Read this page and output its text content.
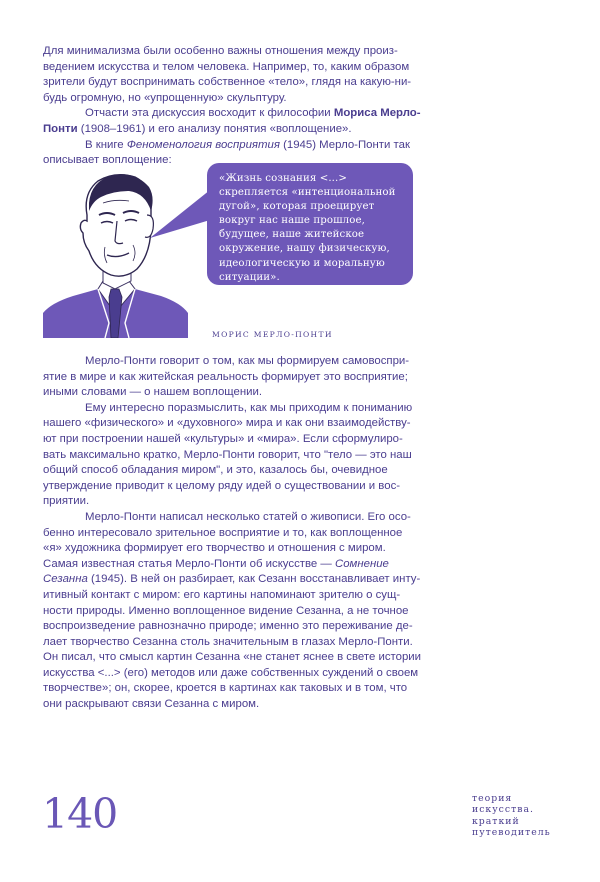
Для минимализма были особенно важны отношения между произ-
ведением искусства и телом человека. Например, то, каким образом
зрители будут воспринимать собственное «тело», глядя на какую-ни-
будь огромную, но «упрощенную» скульптуру.

Отчасти эта дискуссия восходит к философии Мориса Мерло-Понти (1908–1961) и его анализу понятия «воплощение».

В книге Феноменология восприятия (1945) Мерло-Понти так

описывает воплощение:

«Жизнь сознания <...>
скрепляется «интенциональной
дугой», которая проецирует
вокруг нас наше прошлое,
будущее, наше житейское
окружение, нашу физическую,
идеологическую и моральную
ситуации».
МОРИС МЕРЛО-ПОНТИ

Мерло-Понти говорит о том, как мы формируем самовоспри-
ятие в мире и как житейская реальность формирует это восприятие;
иными словами — о нашем воплощении.

Ему интересно поразмыслить, как мы приходим к пониманию
нашего «физического» и «духовного» мира и как они взаимодейству-
ют при построении нашей «культуры» и «мира». Если сформулиро-
вать максимально кратко, Мерло-Понти говорит, что "тело — это наш
общий способ обладания миром", и это, казалось бы, очевидное
утверждение приводит к целому ряду идей о существовании и вос-
приятии.

Мерло-Понти написал несколько статей о живописи. Его осо-
бенно интересовало зрительное восприятие и то, как воплощенное
«я» художника формирует его творчество и отношения с миром.

Самая известная статья Мерло-Понти об искусстве — Сомнение
Сезанна (1945). В ней он разбирает, как Сезанн восстанавливает инту-
итивный контакт с миром: его картины напоминают зрителю о сущ-
ности природы. Именно воплощенное видение Сезанна, а не точное
воспроизведение равнозначно природе; именно это переживание де-
лает творчество Сезанна столь значительным в глазах Мерло-Понти.
Он писал, что смысл картин Сезанна «не станет яснее в свете истории
искусства <...> (его) методов или даже собственных суждений о своем
творчестве»; он, скорее, кроется в картинах как таковых и в том, что
они раскрывают связи Сезанна с миром.

140	теория
искусства.
краткий
путеводитель
